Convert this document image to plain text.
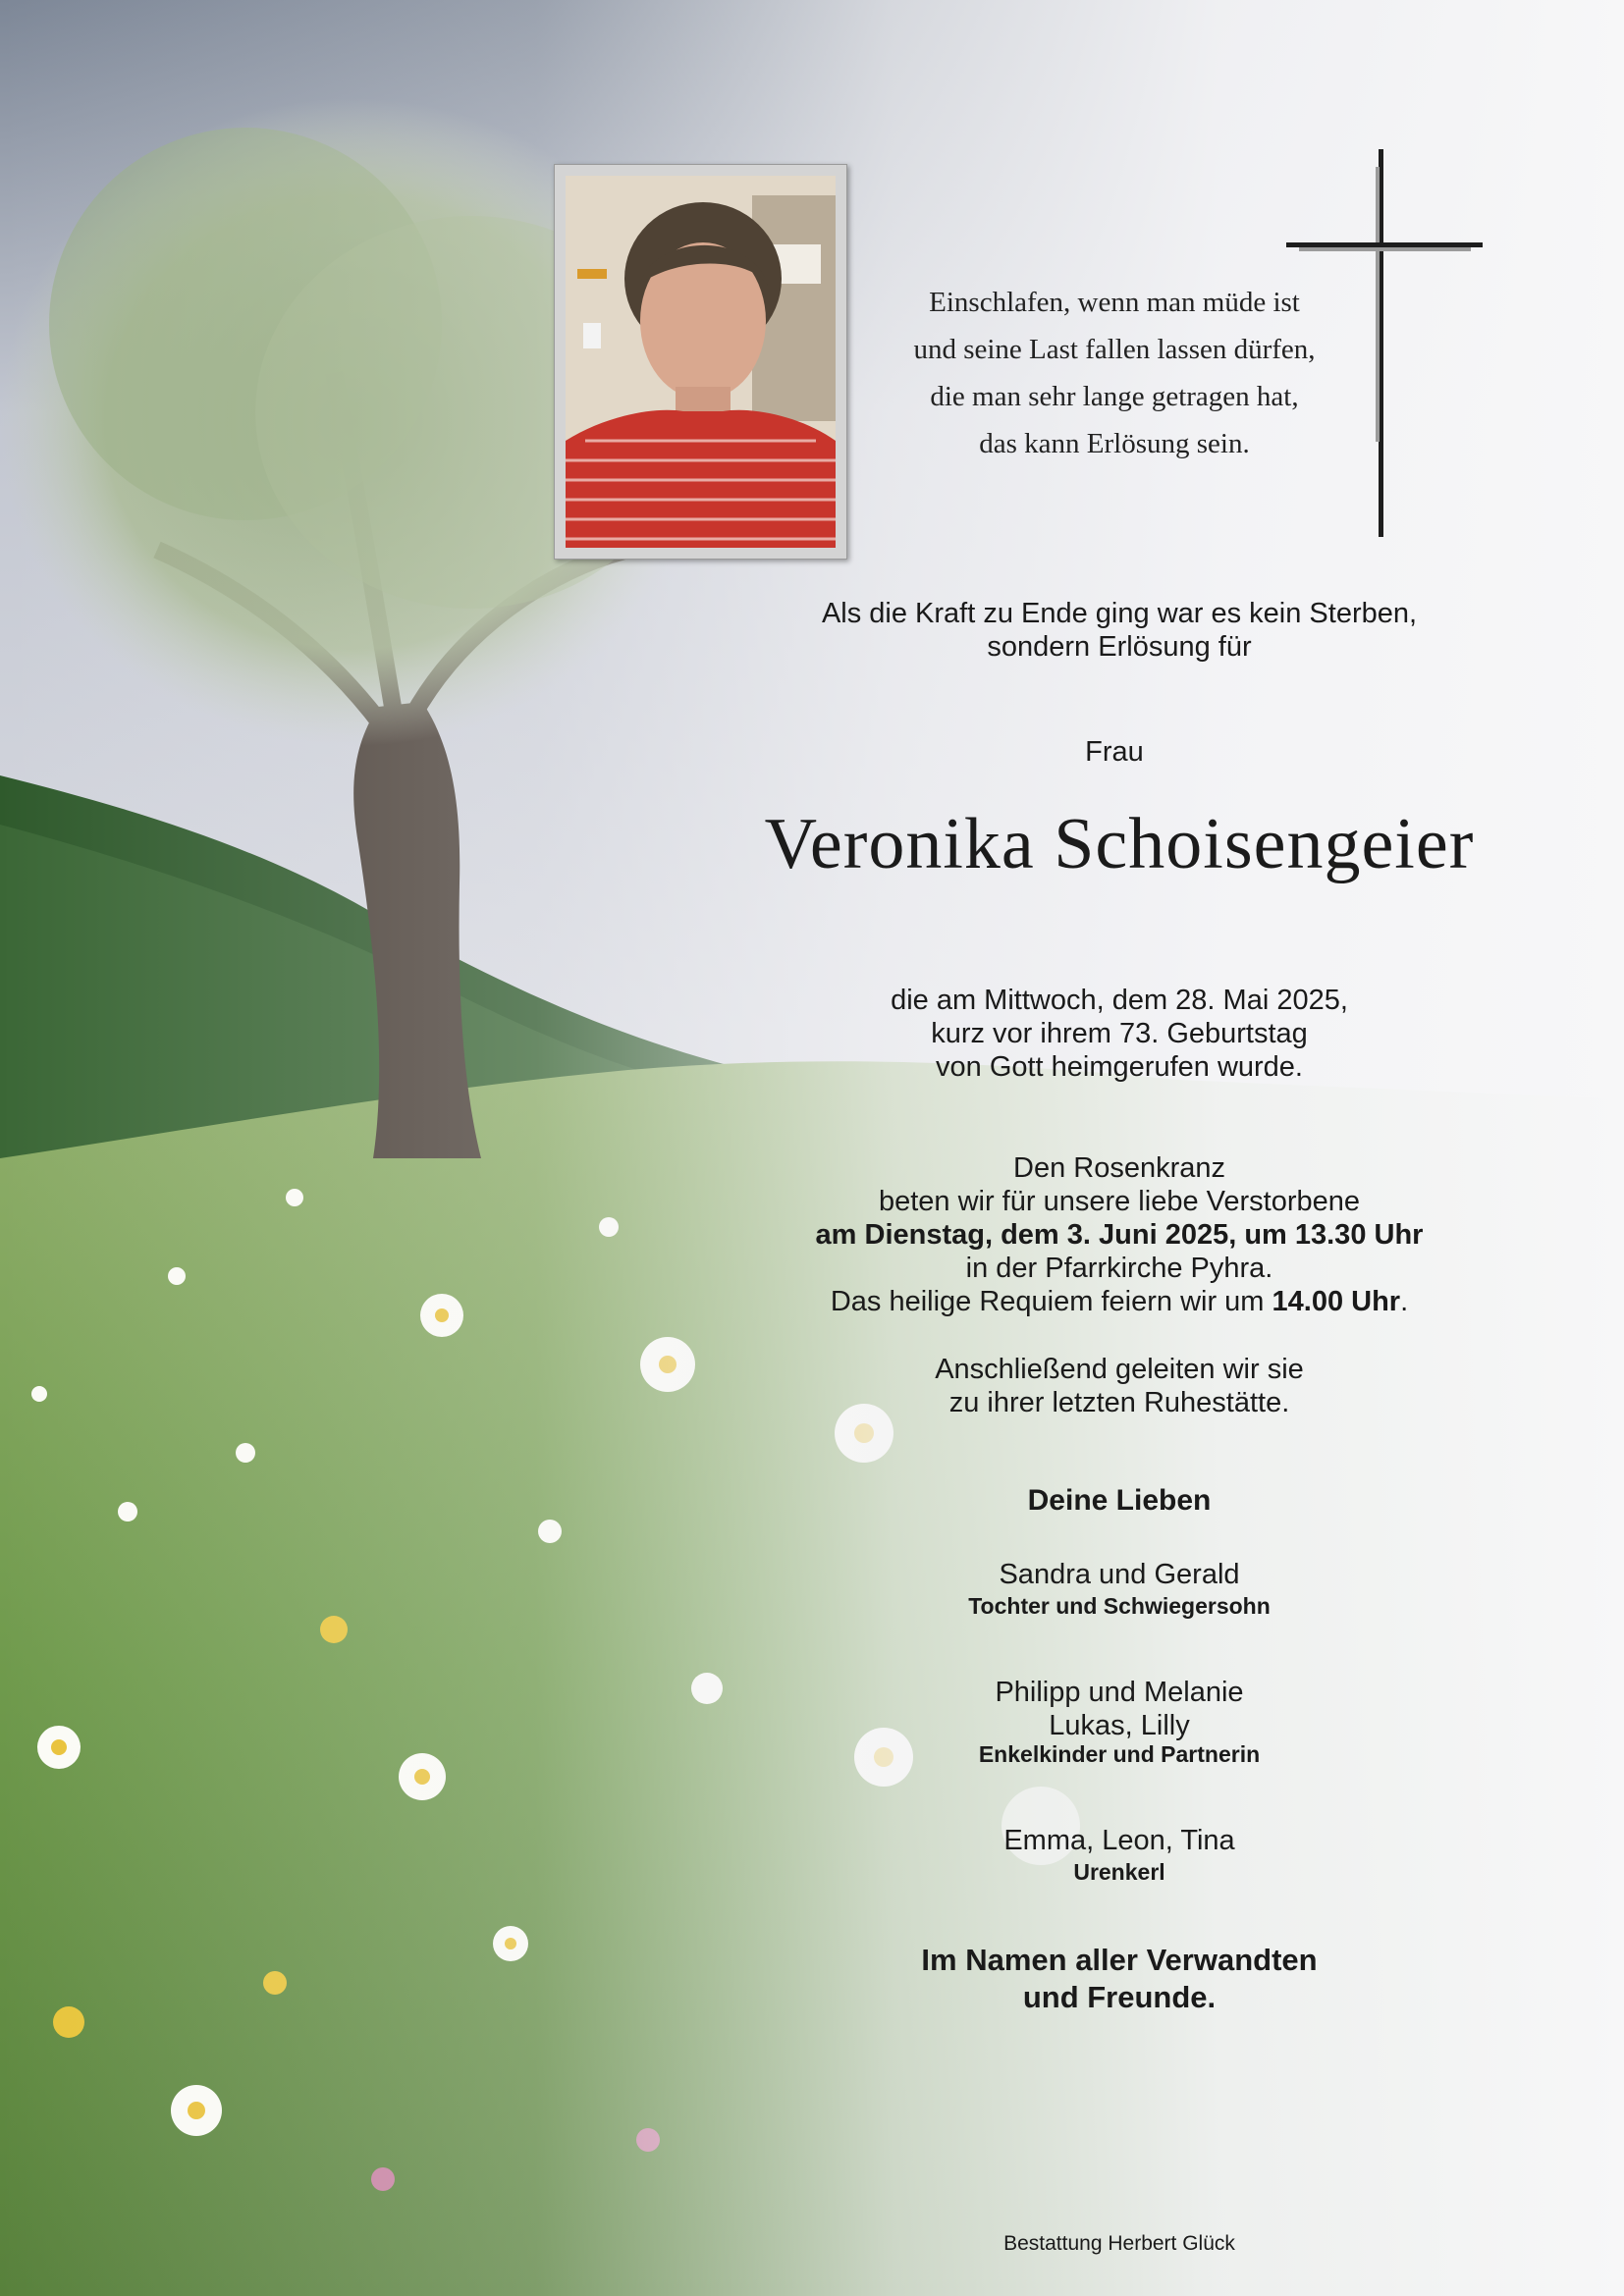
Einschlafen, wenn man müde ist
und seine Last fallen lassen dürfen,
die man sehr lange getragen hat,
das kann Erlösung sein.
Als die Kraft zu Ende ging war es kein Sterben,
sondern Erlösung für
Frau
Veronika Schoisengeier
die am Mittwoch, dem 28. Mai 2025,
kurz vor ihrem 73. Geburtstag
von Gott heimgerufen wurde.
Den Rosenkranz
beten wir für unsere liebe Verstorbene
am Dienstag, dem 3. Juni 2025, um 13.30 Uhr
in der Pfarrkirche Pyhra.
Das heilige Requiem feiern wir um 14.00 Uhr.
Anschließend geleiten wir sie
zu ihrer letzten Ruhestätte.
Deine Lieben
Sandra und Gerald
Tochter und Schwiegersohn
Philipp und Melanie
Lukas, Lilly
Enkelkinder und Partnerin
Emma, Leon, Tina
Urenkerl
Im Namen aller Verwandten
und Freunde.
Bestattung Herbert Glück
